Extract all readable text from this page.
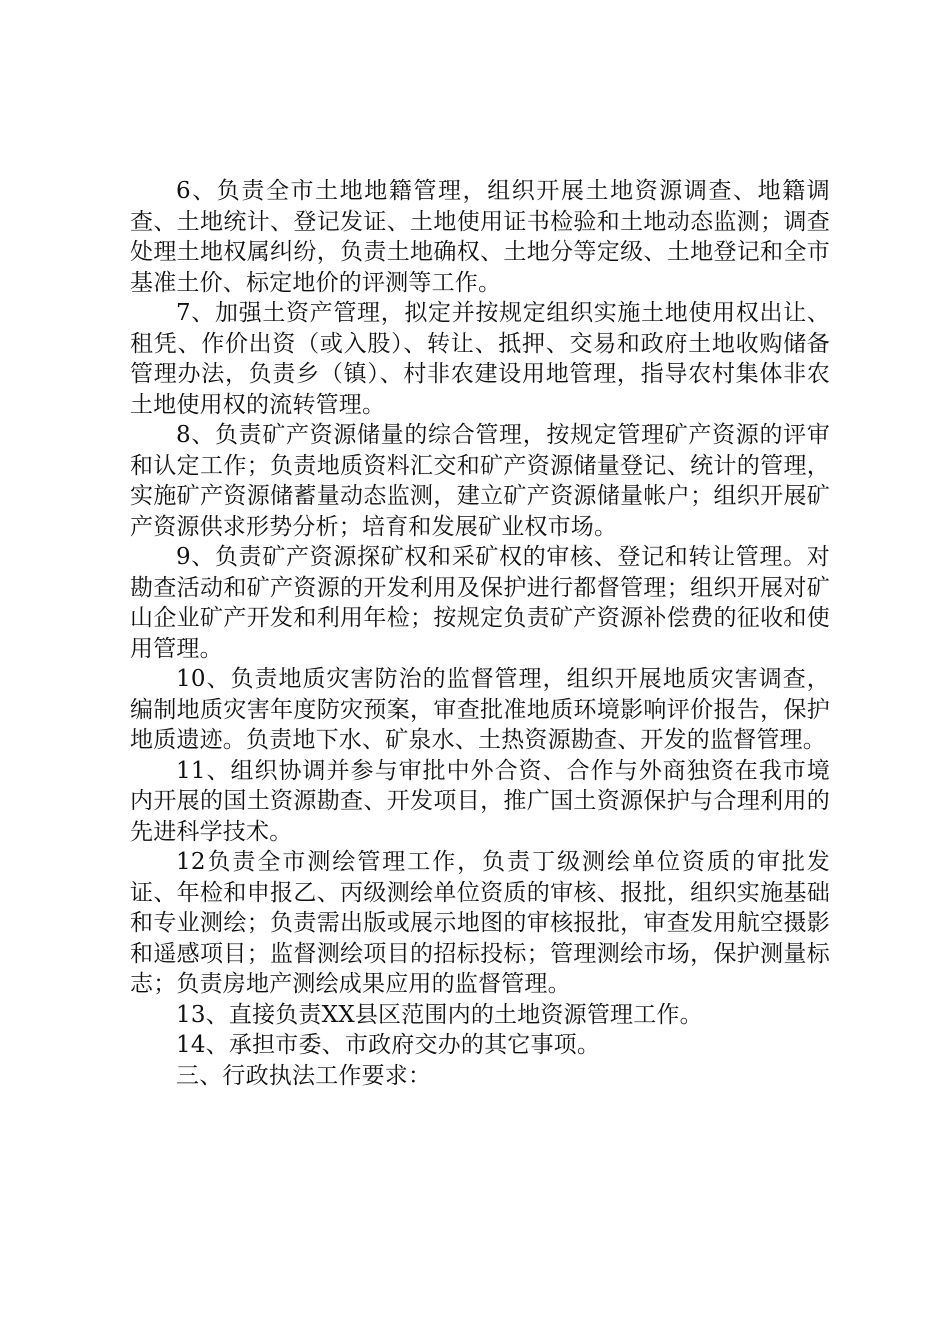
6、负责全市土地地籍管理，组织开展土地资源调查、地籍调查、土地统计、登记发证、土地使用证书检验和土地动态监测；调查处理土地权属纠纷，负责土地确权、土地分等定级、土地登记和全市基准土价、标定地价的评测等工作。

7、加强土资产管理，拟定并按规定组织实施土地使用权出让、租凭、作价出资（或入股）、转让、抵押、交易和政府土地收购储备管理办法，负责乡（镇）、村非农建设用地管理，指导农村集体非农土地使用权的流转管理。

8、负责矿产资源储量的综合管理，按规定管理矿产资源的评审和认定工作；负责地质资料汇交和矿产资源储量登记、统计的管理，实施矿产资源储蓄量动态监测，建立矿产资源储量帐户；组织开展矿产资源供求形势分析；培育和发展矿业权市场。

9、负责矿产资源探矿权和采矿权的审核、登记和转让管理。对勘查活动和矿产资源的开发利用及保护进行都督管理；组织开展对矿山企业矿产开发和利用年检；按规定负责矿产资源补偿费的征收和使用管理。

10、负责地质灾害防治的监督管理，组织开展地质灾害调查，编制地质灾害年度防灾预案，审查批准地质环境影响评价报告，保护地质遗迹。负责地下水、矿泉水、土热资源勘查、开发的监督管理。

11、组织协调并参与审批中外合资、合作与外商独资在我市境内开展的国土资源勘查、开发项目，推广国土资源保护与合理利用的先进科学技术。

12负责全市测绘管理工作，负责丁级测绘单位资质的审批发证、年检和申报乙、丙级测绘单位资质的审核、报批，组织实施基础和专业测绘；负责需出版或展示地图的审核报批，审查发用航空摄影和遥感项目；监督测绘项目的招标投标；管理测绘市场，保护测量标志；负责房地产测绘成果应用的监督管理。

13、直接负责XX县区范围内的土地资源管理工作。

14、承担市委、市政府交办的其它事项。

三、行政执法工作要求：
